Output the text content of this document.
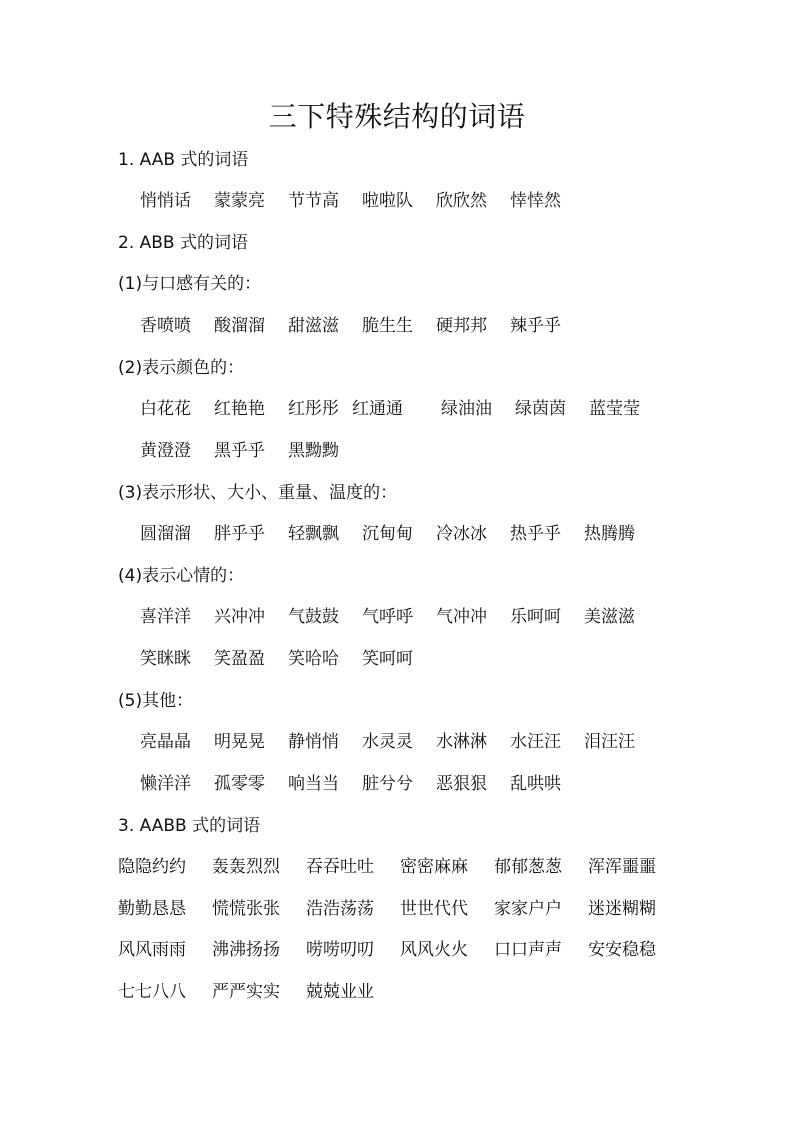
三下特殊结构的词语
1. AAB 式的词语
悄悄话 蒙蒙亮 节节高 啦啦队 欣欣然 悻悻然
2. ABB 式的词语
(1)与口感有关的：
香喷喷 酸溜溜 甜滋滋 脆生生 硬邦邦 辣乎乎
(2)表示颜色的：
白花花 红艳艳 红彤彤 红通通 绿油油 绿茵茵 蓝莹莹
黄澄澄 黑乎乎 黑黝黝
(3)表示形状、大小、重量、温度的：
圆溜溜 胖乎乎 轻飘飘 沉甸甸 冷冰冰 热乎乎 热腾腾
(4)表示心情的：
喜洋洋 兴冲冲 气鼓鼓 气呼呼 气冲冲 乐呵呵 美滋滋
笑眯眯 笑盈盈 笑哈哈 笑呵呵
(5)其他：
亮晶晶 明晃晃 静悄悄 水灵灵 水淋淋 水汪汪 泪汪汪
懒洋洋 孤零零 响当当 脏兮兮 恶狠狠 乱哄哄
3. AABB 式的词语
隐隐约约 轰轰烈烈 吞吞吐吐 密密麻麻 郁郁葱葱 浑浑噩噩
勤勤恳恳 慌慌张张 浩浩荡荡 世世代代 家家户户 迷迷糊糊
风风雨雨 沸沸扬扬 唠唠叨叨 风风火火 口口声声 安安稳稳
七七八八 严严实实 兢兢业业
